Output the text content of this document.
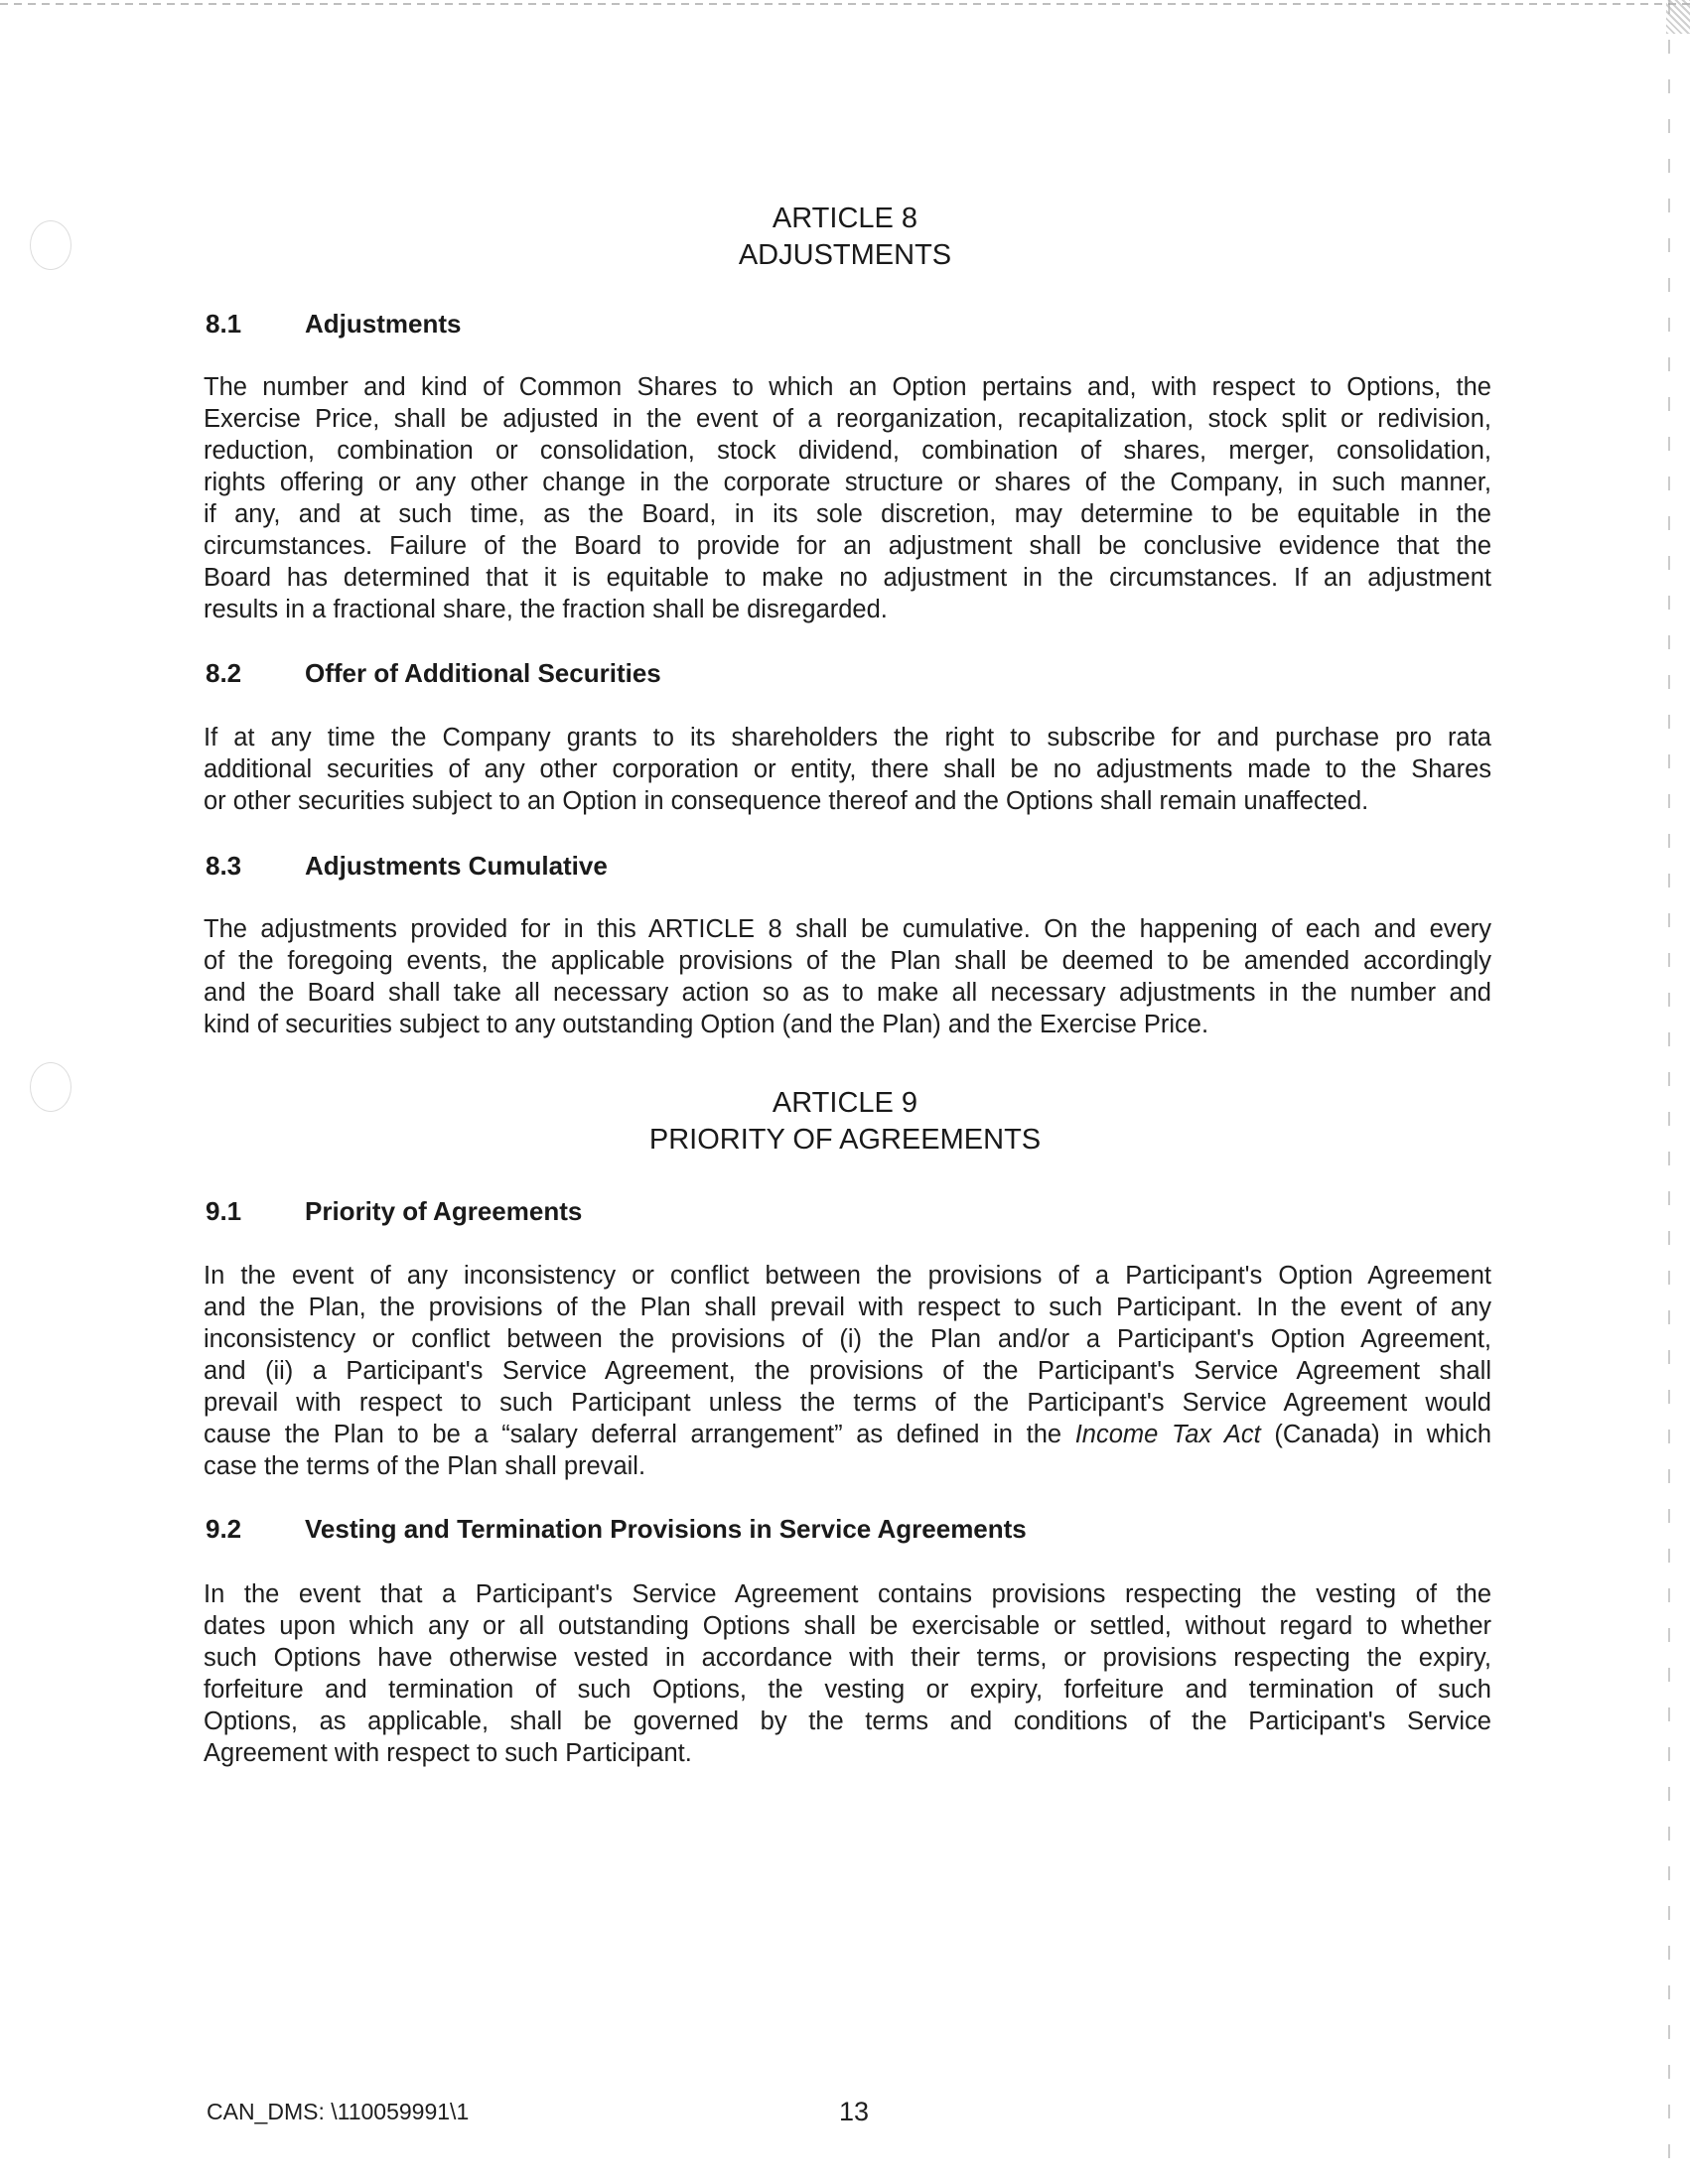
ARTICLE 8
ADJUSTMENTS
8.1 Adjustments
The number and kind of Common Shares to which an Option pertains and, with respect to Options, the
Exercise Price, shall be adjusted in the event of a reorganization, recapitalization, stock split or redivision,
reduction, combination or consolidation, stock dividend, combination of shares, merger, consolidation,
rights offering or any other change in the corporate structure or shares of the Company, in such manner,
if any, and at such time, as the Board, in its sole discretion, may determine to be equitable in the
circumstances. Failure of the Board to provide for an adjustment shall be conclusive evidence that the
Board has determined that it is equitable to make no adjustment in the circumstances. If an adjustment
results in a fractional share, the fraction shall be disregarded.
8.2 Offer of Additional Securities
If at any time the Company grants to its shareholders the right to subscribe for and purchase pro rata
additional securities of any other corporation or entity, there shall be no adjustments made to the Shares
or other securities subject to an Option in consequence thereof and the Options shall remain unaffected.
8.3 Adjustments Cumulative
The adjustments provided for in this ARTICLE 8 shall be cumulative. On the happening of each and every
of the foregoing events, the applicable provisions of the Plan shall be deemed to be amended accordingly
and the Board shall take all necessary action so as to make all necessary adjustments in the number and
kind of securities subject to any outstanding Option (and the Plan) and the Exercise Price.
ARTICLE 9
PRIORITY OF AGREEMENTS
9.1 Priority of Agreements
In the event of any inconsistency or conflict between the provisions of a Participant's Option Agreement
and the Plan, the provisions of the Plan shall prevail with respect to such Participant. In the event of any
inconsistency or conflict between the provisions of (i) the Plan and/or a Participant's Option Agreement,
and (ii) a Participant's Service Agreement, the provisions of the Participant's Service Agreement shall
prevail with respect to such Participant unless the terms of the Participant's Service Agreement would
cause the Plan to be a “salary deferral arrangement” as defined in the Income Tax Act (Canada) in which
case the terms of the Plan shall prevail.
9.2 Vesting and Termination Provisions in Service Agreements
In the event that a Participant's Service Agreement contains provisions respecting the vesting of the
dates upon which any or all outstanding Options shall be exercisable or settled, without regard to whether
such Options have otherwise vested in accordance with their terms, or provisions respecting the expiry,
forfeiture and termination of such Options, the vesting or expiry, forfeiture and termination of such
Options, as applicable, shall be governed by the terms and conditions of the Participant's Service
Agreement with respect to such Participant.
CAN_DMS: \110059991\1	13
